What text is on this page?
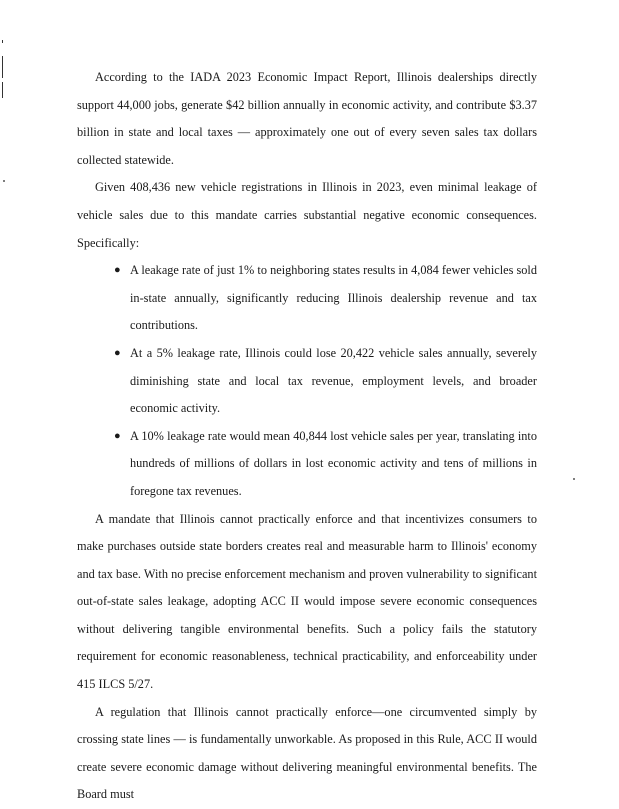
According to the IADA 2023 Economic Impact Report, Illinois dealerships directly support 44,000 jobs, generate $42 billion annually in economic activity, and contribute $3.37 billion in state and local taxes — approximately one out of every seven sales tax dollars collected statewide.

Given 408,436 new vehicle registrations in Illinois in 2023, even minimal leakage of vehicle sales due to this mandate carries substantial negative economic consequences. Specifically:

● A leakage rate of just 1% to neighboring states results in 4,084 fewer vehicles sold in-state annually, significantly reducing Illinois dealership revenue and tax contributions.
● At a 5% leakage rate, Illinois could lose 20,422 vehicle sales annually, severely diminishing state and local tax revenue, employment levels, and broader economic activity.
● A 10% leakage rate would mean 40,844 lost vehicle sales per year, translating into hundreds of millions of dollars in lost economic activity and tens of millions in foregone tax revenues.

A mandate that Illinois cannot practically enforce and that incentivizes consumers to make purchases outside state borders creates real and measurable harm to Illinois' economy and tax base. With no precise enforcement mechanism and proven vulnerability to significant out-of-state sales leakage, adopting ACC II would impose severe economic consequences without delivering tangible environmental benefits. Such a policy fails the statutory requirement for economic reasonableness, technical practicability, and enforceability under 415 ILCS 5/27.

A regulation that Illinois cannot practically enforce—one circumvented simply by crossing state lines — is fundamentally unworkable. As proposed in this Rule, ACC II would create severe economic damage without delivering meaningful environmental benefits. The Board must
